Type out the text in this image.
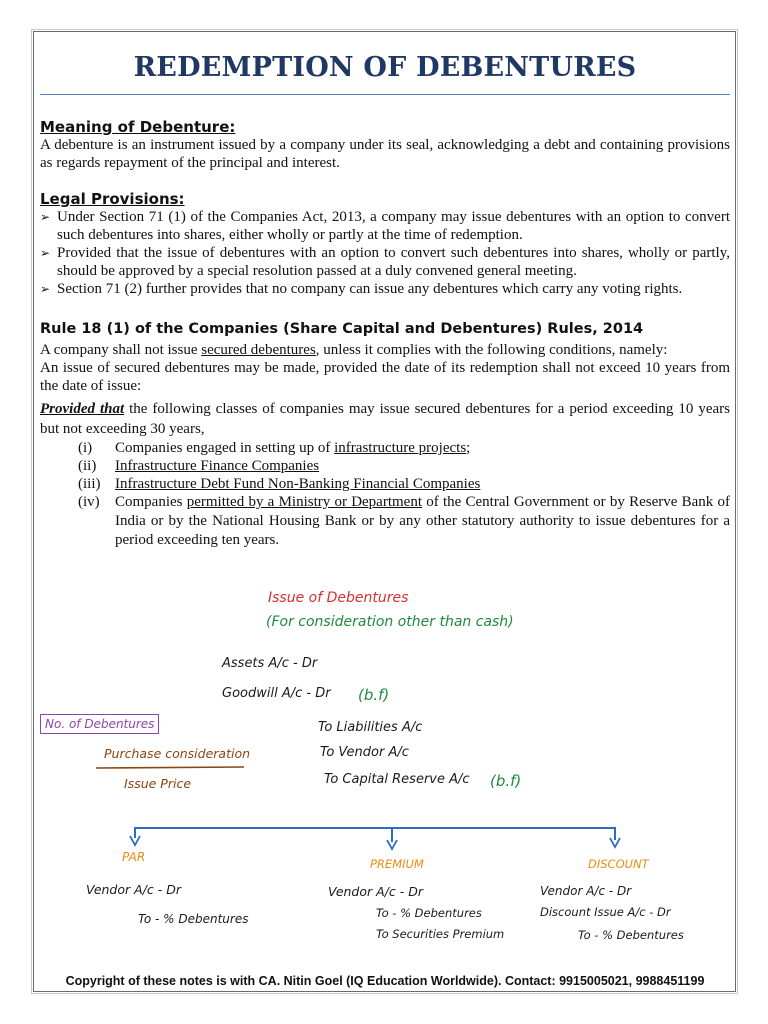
REDEMPTION OF DEBENTURES
Meaning of Debenture:
A debenture is an instrument issued by a company under its seal, acknowledging a debt and containing provisions as regards repayment of the principal and interest.
Legal Provisions:
➢ Under Section 71 (1) of the Companies Act, 2013, a company may issue debentures with an option to convert such debentures into shares, either wholly or partly at the time of redemption.
➢ Provided that the issue of debentures with an option to convert such debentures into shares, wholly or partly, should be approved by a special resolution passed at a duly convened general meeting.
➢ Section 71 (2) further provides that no company can issue any debentures which carry any voting rights.
Rule 18 (1) of the Companies (Share Capital and Debentures) Rules, 2014
A company shall not issue secured debentures, unless it complies with the following conditions, namely:
An issue of secured debentures may be made, provided the date of its redemption shall not exceed 10 years from the date of issue:
Provided that the following classes of companies may issue secured debentures for a period exceeding 10 years but not exceeding 30 years,
(i) Companies engaged in setting up of infrastructure projects;
(ii) Infrastructure Finance Companies
(iii) Infrastructure Debt Fund Non-Banking Financial Companies
(iv) Companies permitted by a Ministry or Department of the Central Government or by Reserve Bank of India or by the National Housing Bank or by any other statutory authority to issue debentures for a period exceeding ten years.
Issue of Debentures
(For consideration other than cash)
Assets A/c - Dr
Goodwill A/c - Dr (b.f)
To Liabilities A/c
To Vendor A/c
To Capital Reserve A/c (b.f)
No. of Debentures
Purchase consideration
Issue Price
PAR	PREMIUM	DISCOUNT
Vendor A/c - Dr
To - % Debentures
Vendor A/c - Dr
To - % Debentures
To Securities Premium
Vendor A/c - Dr
Discount Issue A/c - Dr
To - % Debentures
Copyright of these notes is with CA. Nitin Goel (IQ Education Worldwide). Contact: 9915005021, 9988451199
